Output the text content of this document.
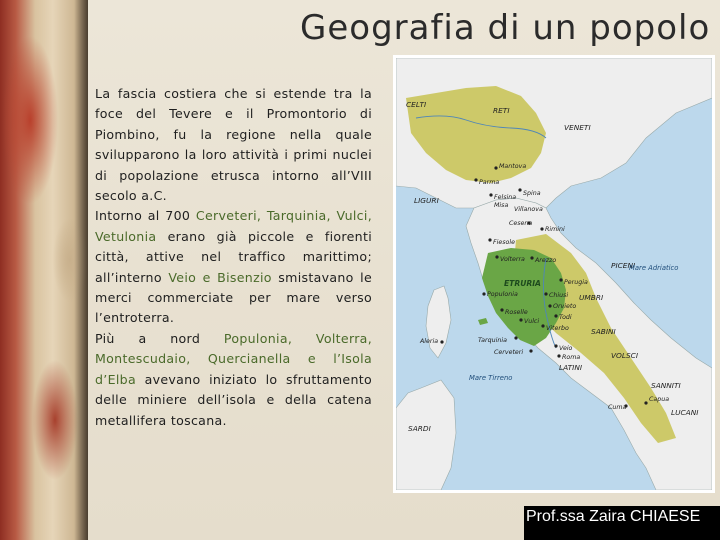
Geografia di un popolo

La fascia costiera che si estende tra la foce del Tevere e il Promontorio di Piombino, fu la regione nella quale svilupparono la loro attività i primi nuclei di popolazione etrusca intorno all’VIII secolo a.C.

Intorno al 700 Cerveteri, Tarquinia, Vulci, Vetulonia erano già piccole e fiorenti città, attive nel traffico marittimo; all’interno Veio e Bisenzio smistavano le merci commerciate per mare verso l’entroterra.

Più a nord Populonia, Volterra, Montescudaio, Quercianella e l’Isola d’Elba avevano iniziato lo sfruttamento delle miniere dell’isola e della catena metallifera toscana.

CELTI
RETI
VENETI
LIGURI
UMBRI
PICENI
SABINI
VOLSCI
LATINI
SANNITI
LUCANI
ETRURIA
SARDI
Mare Adriatico
Mare Tirreno
Mantova
Parma
Felsina
Misa
Spina
Villanova
Cesena
Rimini
Fiesole
Volterra Arezzo
Populonia
Perugia
Chiusi
Orvieto
Todi
Roselle
Vulci
Viterbo
Tarquinia
Cerveteri
Veio
Roma
Aleria
Cuma
Capua
Prof.ssa Zaira CHIAESE
